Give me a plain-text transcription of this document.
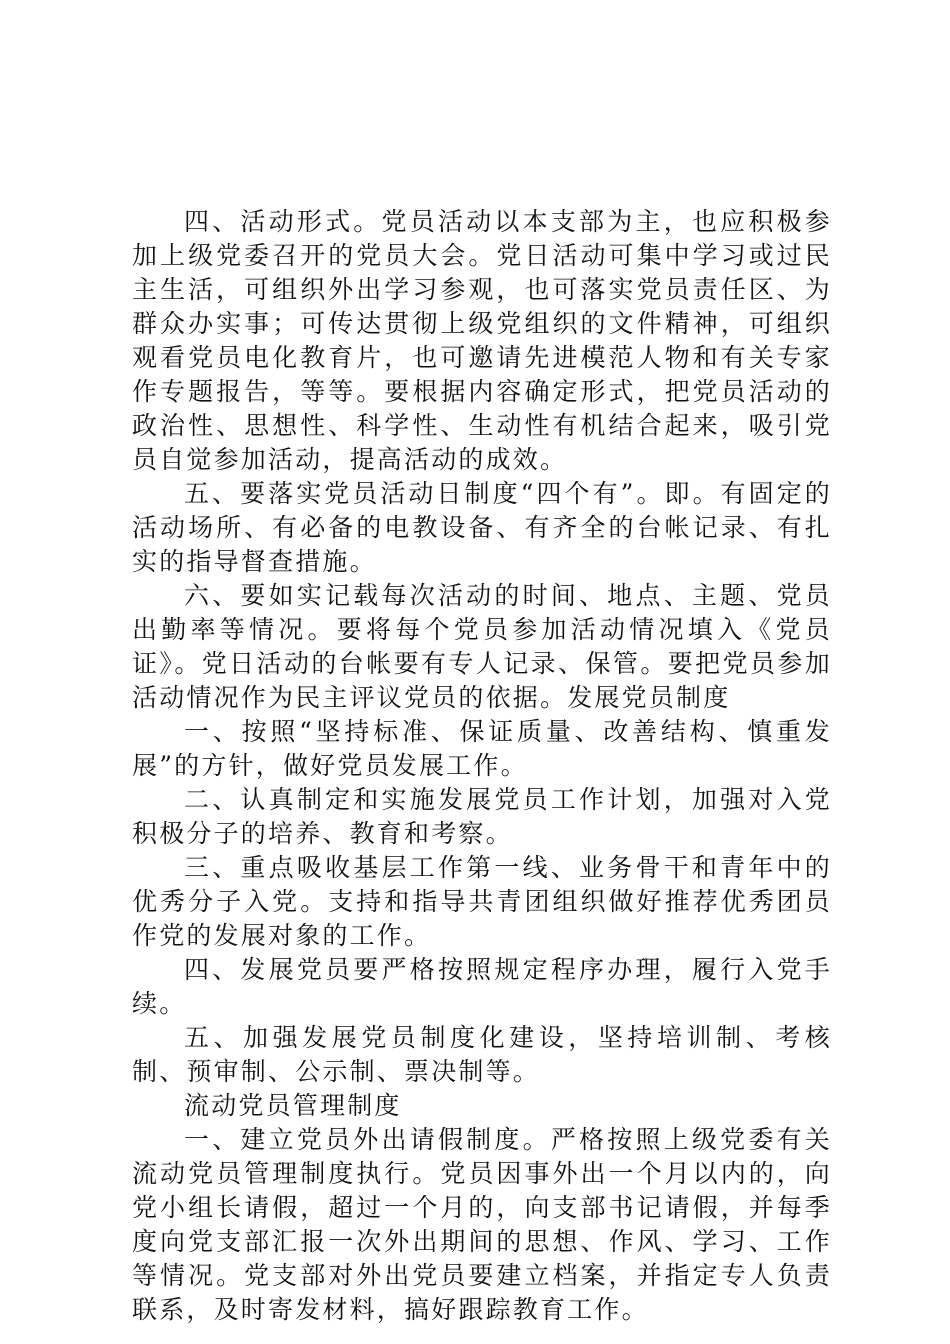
四、活动形式。党员活动以本支部为主，也应积极参加上级党委召开的党员大会。党日活动可集中学习或过民主生活，可组织外出学习参观，也可落实党员责任区、为群众办实事；可传达贯彻上级党组织的文件精神，可组织观看党员电化教育片，也可邀请先进模范人物和有关专家作专题报告，等等。要根据内容确定形式，把党员活动的政治性、思想性、科学性、生动性有机结合起来，吸引党员自觉参加活动，提高活动的成效。

五、要落实党员活动日制度“四个有”。即。有固定的活动场所、有必备的电教设备、有齐全的台帐记录、有扎实的指导督查措施。

六、要如实记载每次活动的时间、地点、主题、党员出勤率等情况。要将每个党员参加活动情况填入《党员证》。党日活动的台帐要有专人记录、保管。要把党员参加活动情况作为民主评议党员的依据。发展党员制度

一、按照“坚持标准、保证质量、改善结构、慎重发展”的方针，做好党员发展工作。

二、认真制定和实施发展党员工作计划，加强对入党积极分子的培养、教育和考察。

三、重点吸收基层工作第一线、业务骨干和青年中的优秀分子入党。支持和指导共青团组织做好推荐优秀团员作党的发展对象的工作。

四、发展党员要严格按照规定程序办理，履行入党手续。

五、加强发展党员制度化建设，坚持培训制、考核制、预审制、公示制、票决制等。

流动党员管理制度

一、建立党员外出请假制度。严格按照上级党委有关流动党员管理制度执行。党员因事外出一个月以内的，向党小组长请假，超过一个月的，向支部书记请假，并每季度向党支部汇报一次外出期间的思想、作风、学习、工作等情况。党支部对外出党员要建立档案，并指定专人负责联系，及时寄发材料，搞好跟踪教育工作。
